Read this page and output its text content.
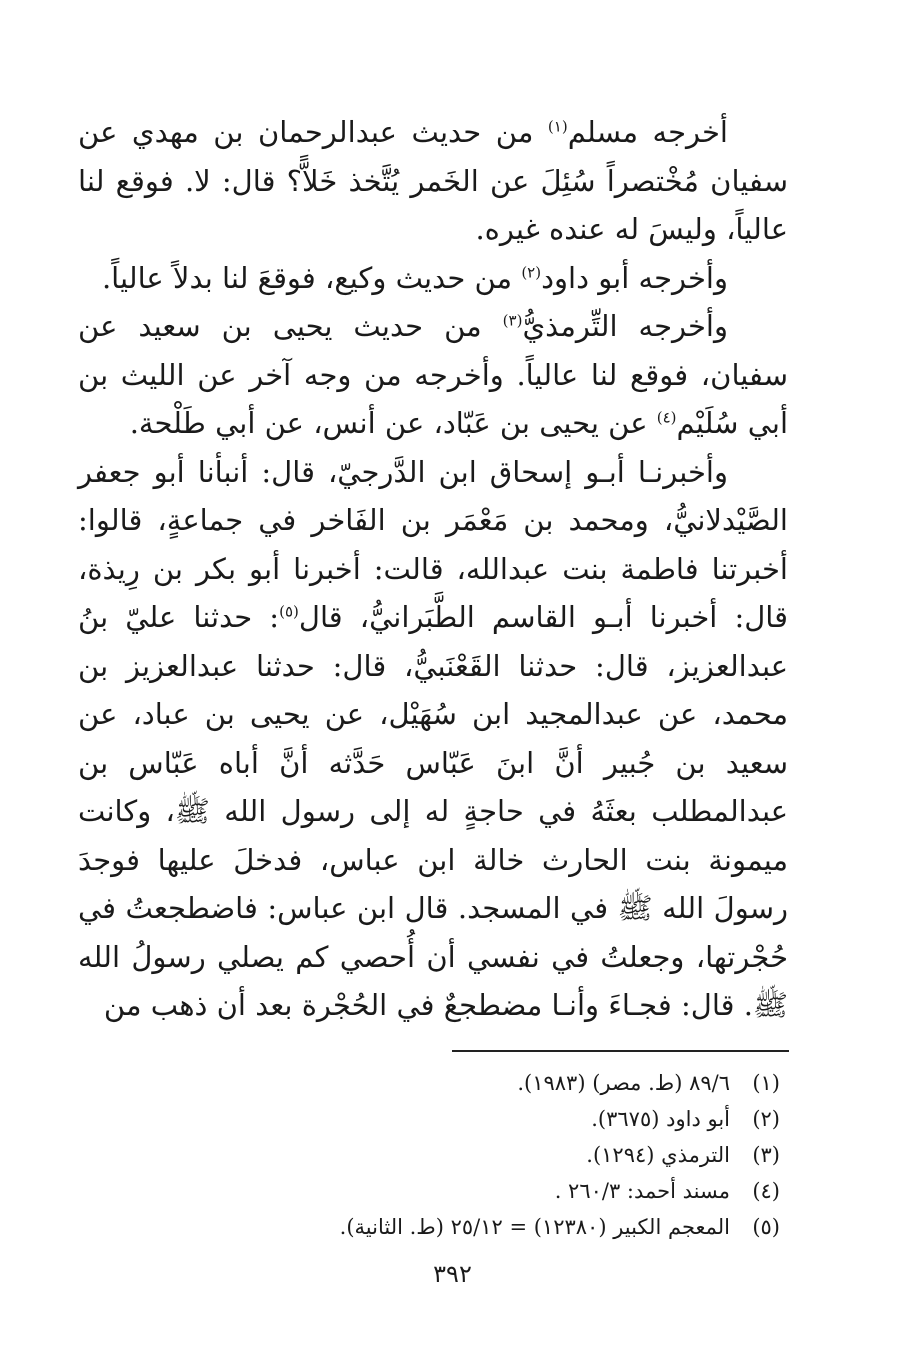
أخرجه مسلم$^{(١)}$ من حديث عبدالرحمان بن مهدي عن سفيان مُخْتصراً سُئِلَ عن الخَمر يُتَّخذ خَلاًّ؟ قال: لا. فوقع لنا عالياً، وليسَ له عنده غيره.

وأخرجه أبو داود$^{(٢)}$ من حديث وكيع، فوقعَ لنا بدلاً عالياً.

وأخرجه التِّرمذيُّ$^{(٣)}$ من حديث يحيى بن سعيد عن سفيان، فوقع لنا عالياً. وأخرجه من وجه آخر عن الليث بن أبي سُلَيْم$^{(٤)}$ عن يحيى بن عَبّاد، عن أنس، عن أبي طَلْحة.

وأخبرنـا أبـو إسحاق ابن الدَّرجيّ، قال: أنبأنا أبو جعفر الصَّيْدلانيُّ، ومحمد بن مَعْمَر بن الفَاخر في جماعةٍ، قالوا: أخبرتنا فاطمة بنت عبدالله، قالت: أخبرنا أبو بكر بن رِيذة، قال: أخبرنا أبـو القاسم الطَّبَرانيُّ، قال$^{(٥)}$: حدثنا عليّ بنُ عبدالعزيز، قال: حدثنا القَعْنَبيُّ، قال: حدثنا عبدالعزيز بن محمد، عن عبدالمجيد ابن سُهَيْل، عن يحيى بن عباد، عن سعيد بن جُبير أنَّ ابنَ عَبّاس حَدَّثه أنَّ أباه عَبّاس بن عبدالمطلب بعثَهُ في حاجةٍ له إلى رسول الله ﷺ، وكانت ميمونة بنت الحارث خالة ابن عباس، فدخلَ عليها فوجدَ رسولَ الله ﷺ في المسجد. قال ابن عباس: فاضطجعتُ في حُجْرتها، وجعلتُ في نفسي أن أُحصي كم يصلي رسولُ الله ﷺ. قال: فجـاءَ وأنـا مضطجعٌ في الحُجْرة بعد أن ذهب من

(١)
٨٩/٦ (ط. مصر) (١٩٨٣).
(٢)
أبو داود (٣٦٧٥).
(٣)
الترمذي (١٢٩٤).
(٤)
مسند أحمد: ٢٦٠/٣ .
(٥)
المعجم الكبير (١٢٣٨٠) = ٢٥/١٢ (ط. الثانية).
٣٩٢
